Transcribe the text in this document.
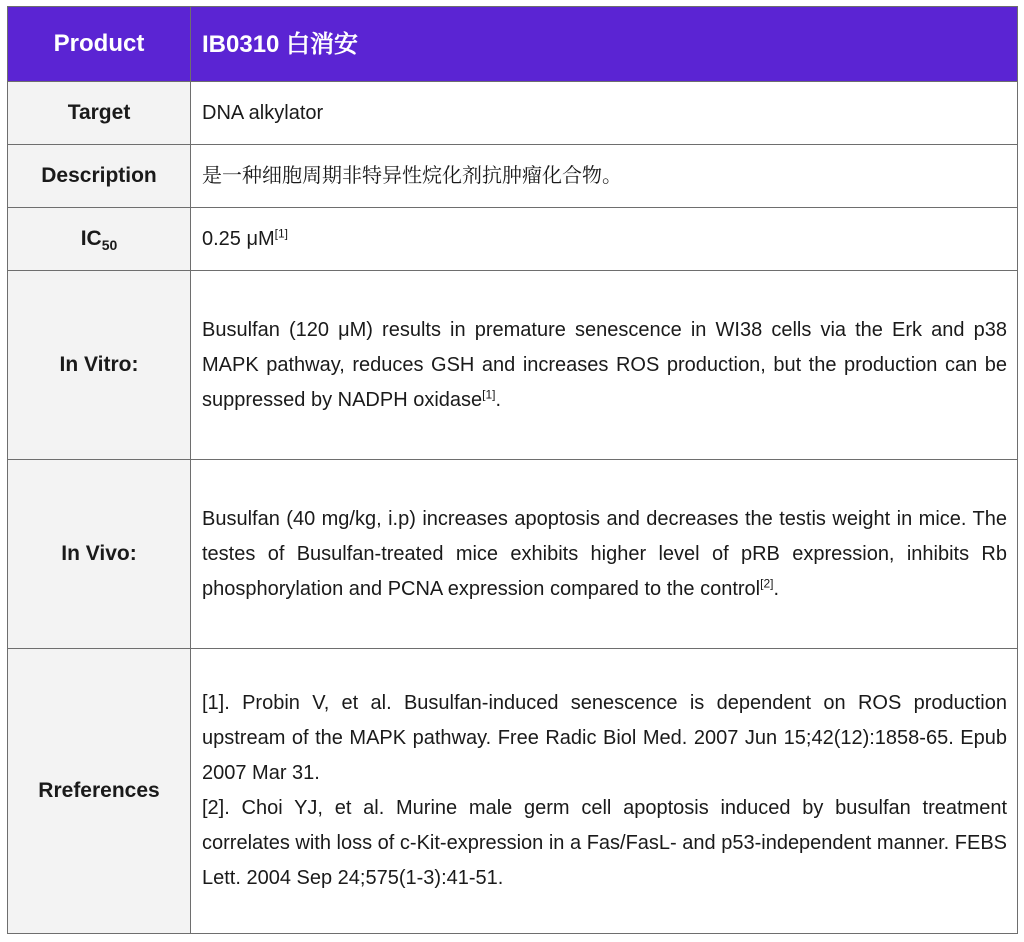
Product	IB0310 白消安
Target	DNA alkylator
Description	是一种细胞周期非特异性烷化剂抗肿瘤化合物。
$IC_{50}$	0.25 μM[1]
In Vitro:	Busulfan (120 μM) results in premature senescence in WI38 cells via the Erk and p38 MAPK pathway, reduces GSH and increases ROS production, but the production can be suppressed by NADPH oxidase[1].
In Vivo:	Busulfan (40 mg/kg, i.p) increases apoptosis and decreases the testis weight in mice. The testes of Busulfan-treated mice exhibits higher level of pRB expression, inhibits Rb phosphorylation and PCNA expression compared to the control[2].
Rreferences	[1]. Probin V, et al. Busulfan-induced senescence is dependent on ROS production upstream of the MAPK pathway. Free Radic Biol Med. 2007 Jun 15;42(12):1858-65. Epub 2007 Mar 31.
[2]. Choi YJ, et al. Murine male germ cell apoptosis induced by busulfan treatment correlates with loss of c-Kit-expression in a Fas/FasL- and p53-independent manner. FEBS Lett. 2004 Sep 24;575(1-3):41-51.
